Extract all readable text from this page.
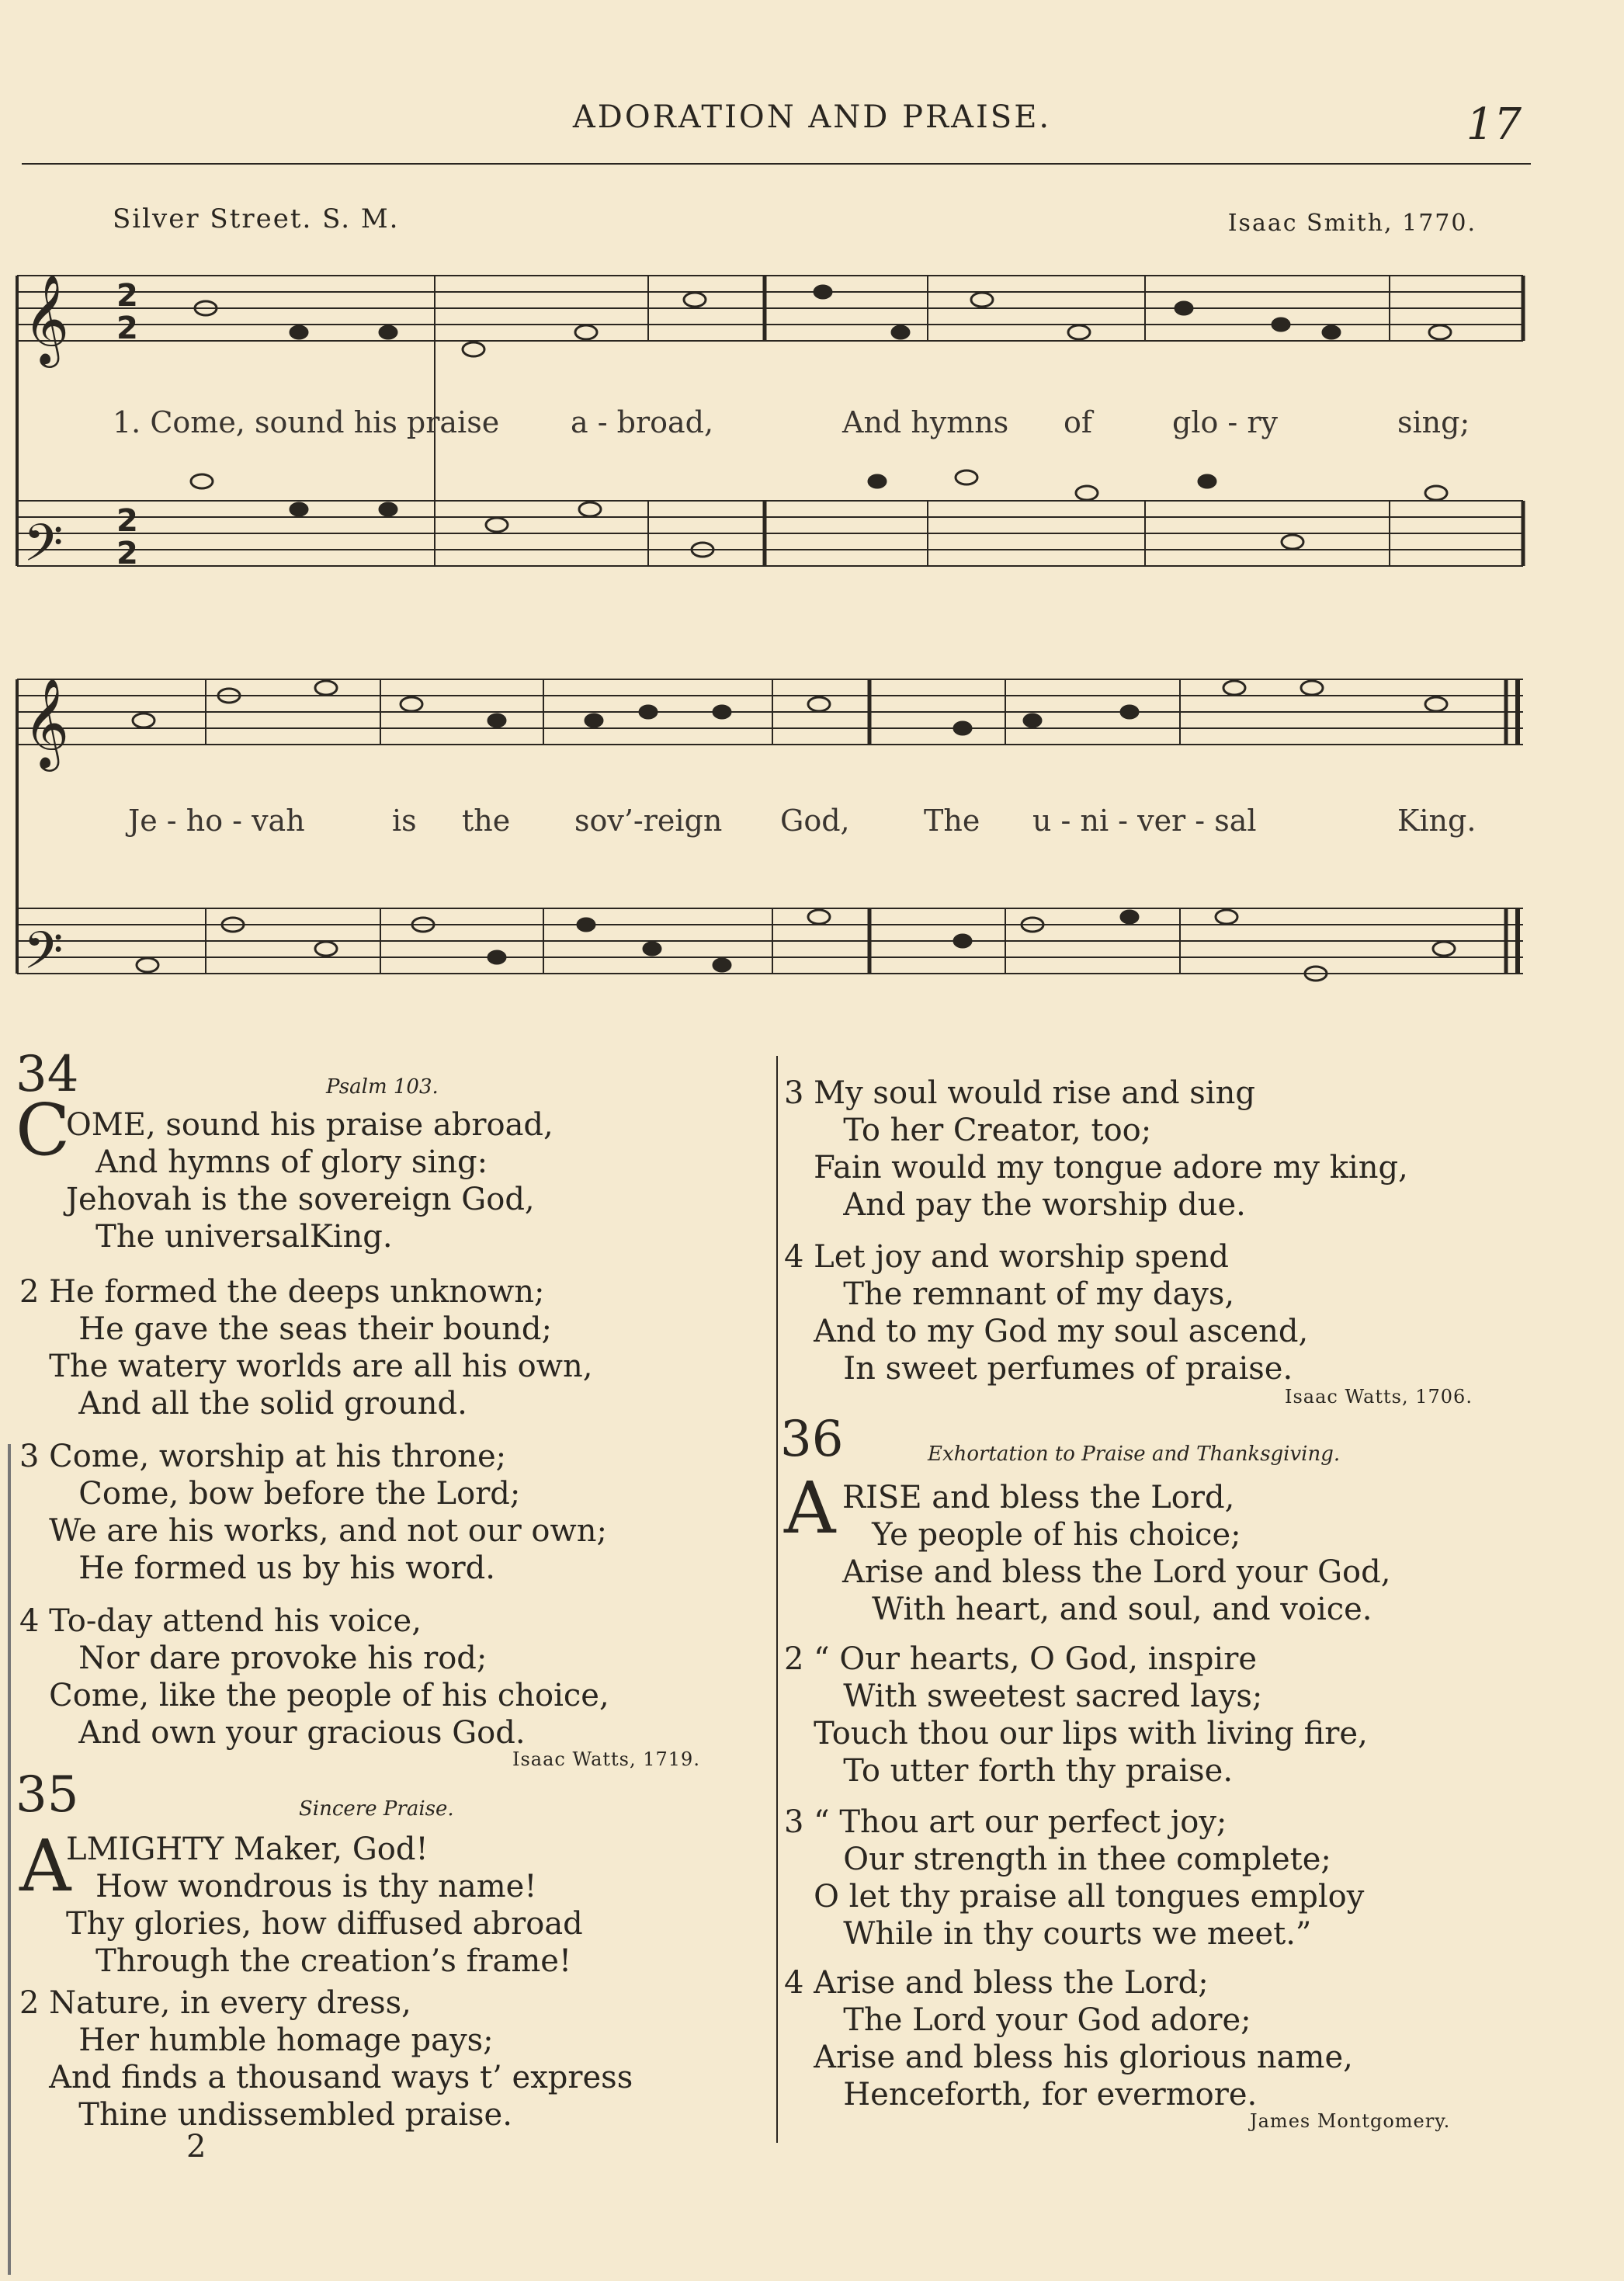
ADORATION AND PRAISE.	17
Silver Street. S. M.	Isaac Smith, 1770.
𝄞
𝄢
𝄞
𝄢
2
2
2
2
1. Come, sound his praise a - broad,	And hymns of	glo - ry	sing;
Je - ho - vah	is the sov’-reign God,	The u - ni - ver - sal	King.
34	Psalm 103.
C
OME, sound his praise abroad,
And hymns of glory sing:
Jehovah is the sovereign God,
The universalKing.
2 He formed the deeps unknown;
He gave the seas their bound;
The watery worlds are all his own,
And all the solid ground.
3 Come, worship at his throne;
Come, bow before the Lord;
We are his works, and not our own;
He formed us by his word.
4 To-day attend his voice,
Nor dare provoke his rod;
Come, like the people of his choice,
And own your gracious God.
Isaac Watts, 1719.
35	Sincere Praise.
A
LMIGHTY Maker, God!
How wondrous is thy name!
Thy glories, how diffused abroad
Through the creation’s frame!
2 Nature, in every dress,
Her humble homage pays;
And finds a thousand ways t’ express
Thine undissembled praise.
2
3 My soul would rise and sing
To her Creator, too;
Fain would my tongue adore my king,
And pay the worship due.
4 Let joy and worship spend
The remnant of my days,
And to my God my soul ascend,
In sweet perfumes of praise.
Isaac Watts, 1706.
36	Exhortation to Praise and Thanksgiving.
A RISE and bless the Lord,
Ye people of his choice;
Arise and bless the Lord your God,
With heart, and soul, and voice.
2 “ Our hearts, O God, inspire
With sweetest sacred lays;
Touch thou our lips with living fire,
To utter forth thy praise.
3 “ Thou art our perfect joy;
Our strength in thee complete;
O let thy praise all tongues employ
While in thy courts we meet.”
4 Arise and bless the Lord;
The Lord your God adore;
Arise and bless his glorious name,
Henceforth, for evermore.
James Montgomery.
